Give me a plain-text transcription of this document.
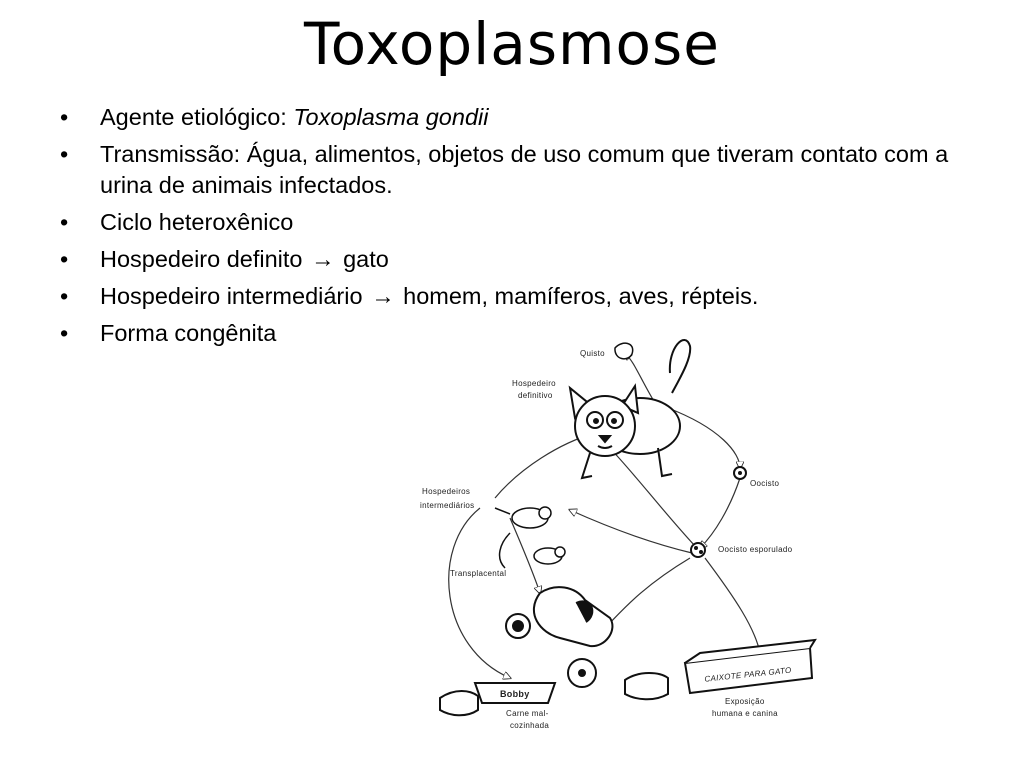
Toxoplasmose
• Agente etiológico: Toxoplasma gondii
• Transmissão: Água, alimentos, objetos de uso comum que tiveram contato com a urina de animais infectados.
• Ciclo heteroxênico
• Hospedeiro definito → gato
• Hospedeiro intermediário → homem, mamíferos, aves, répteis.
• Forma congênita
Bobby
CAIXOTE PARA GATO
Quisto
Hospedeiro
definitivo
Oocisto
Oocisto esporulado
Hospedeiros
intermediários
Transplacental
Exposição
humana e canina
Carne mal-
cozinhada
